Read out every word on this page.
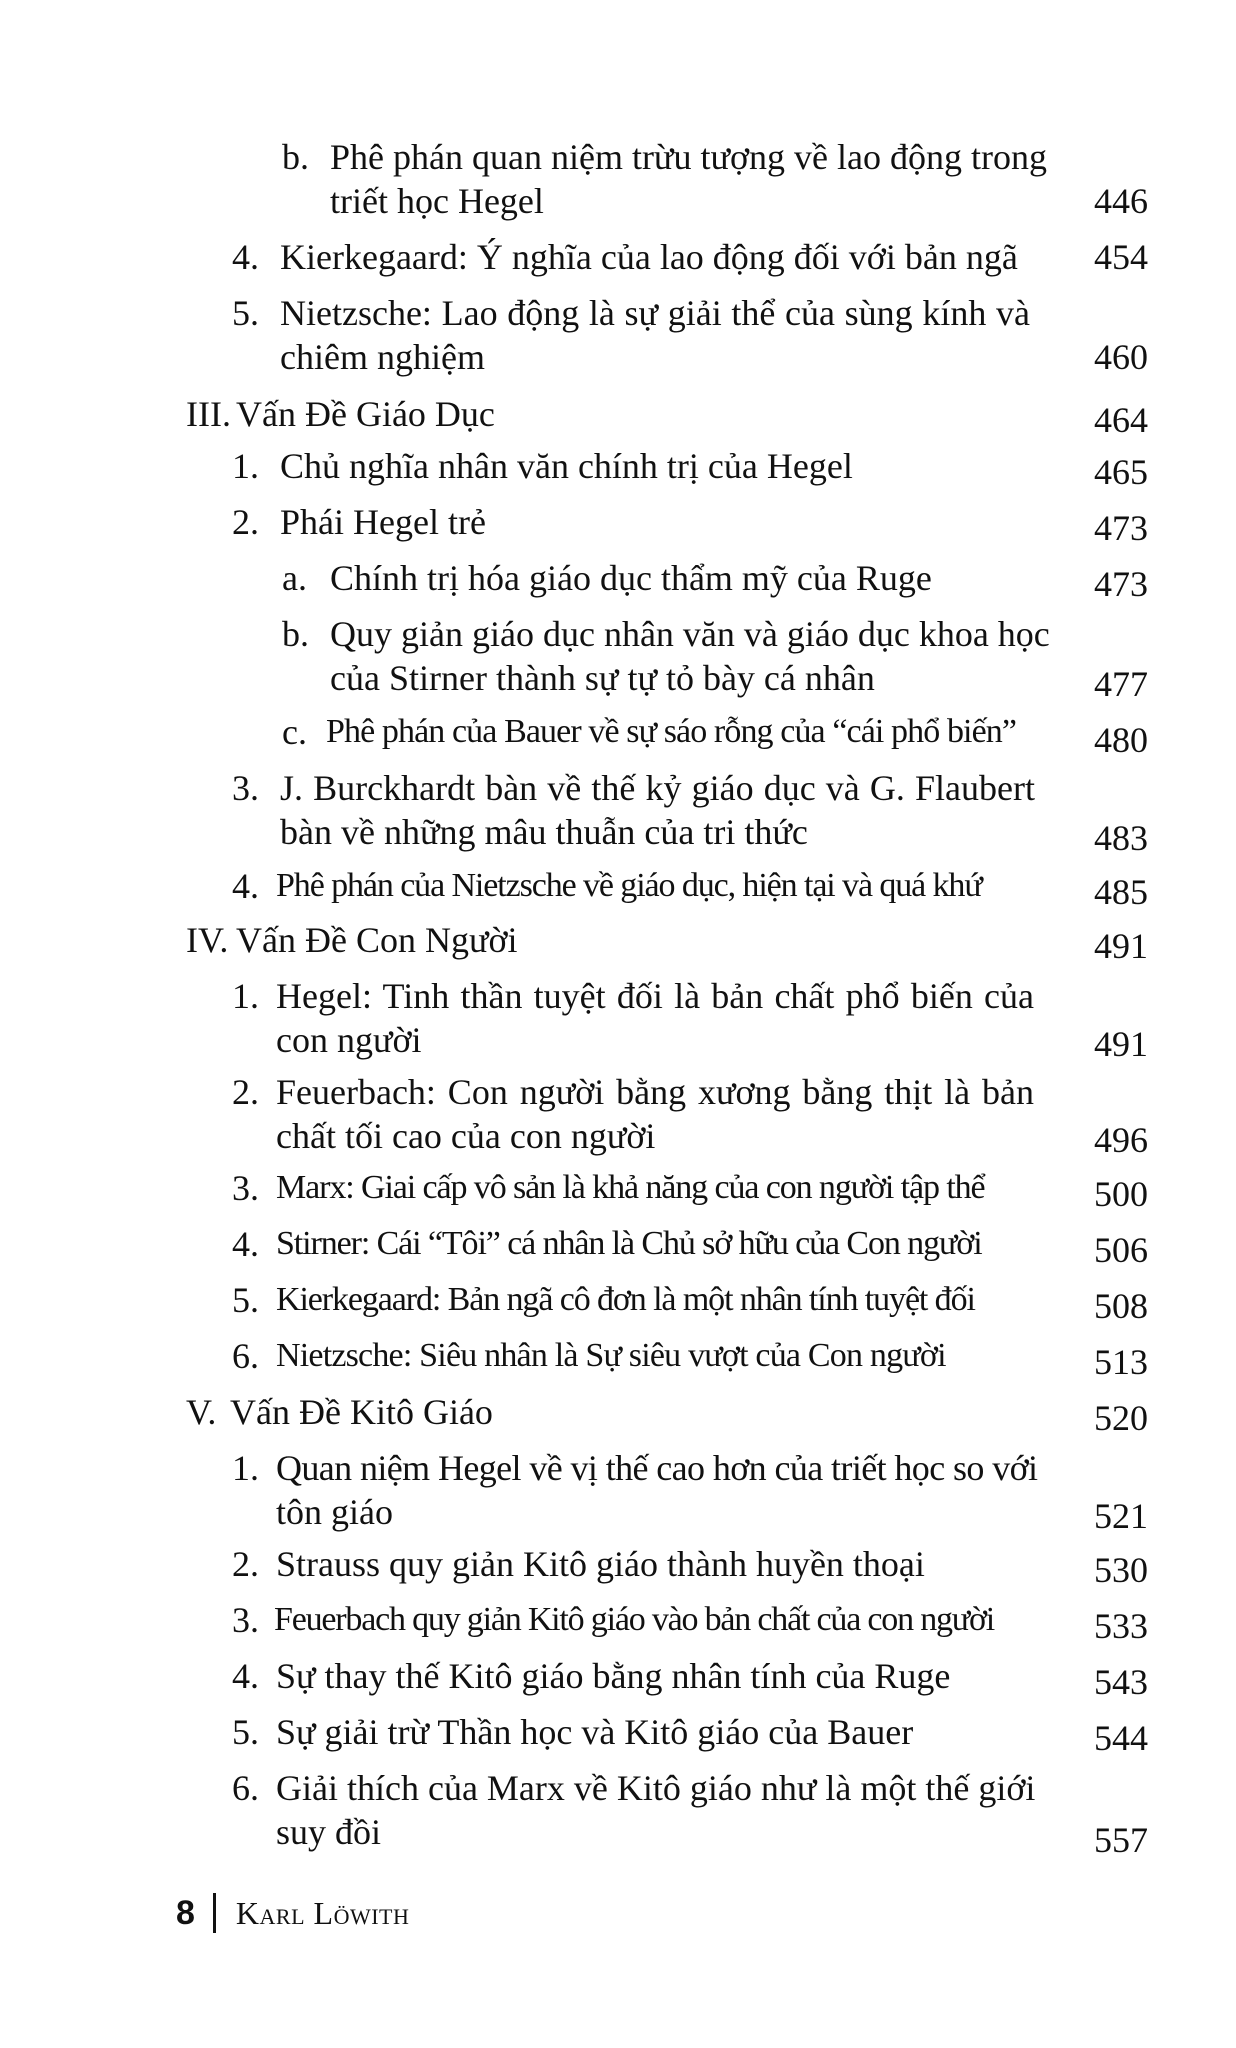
b. Phê phán quan niệm trừu tượng về lao động trong
triết học Hegel	446
4. Kierkegaard: Ý nghĩa của lao động đối với bản ngã	454
5. Nietzsche: Lao động là sự giải thể của sùng kính và
chiêm nghiệm	460
III. Vấn Đề Giáo Dục	464
1. Chủ nghĩa nhân văn chính trị của Hegel	465
2. Phái Hegel trẻ	473
a. Chính trị hóa giáo dục thẩm mỹ của Ruge	473
b. Quy giản giáo dục nhân văn và giáo dục khoa học
của Stirner thành sự tự tỏ bày cá nhân	477
c. Phê phán của Bauer về sự sáo rỗng của “cái phổ biến”	480
3. J. Burckhardt bàn về thế kỷ giáo dục và G. Flaubert
bàn về những mâu thuẫn của tri thức	483
4. Phê phán của Nietzsche về giáo dục, hiện tại và quá khứ	485
IV. Vấn Đề Con Người	491
1. Hegel: Tinh thần tuyệt đối là bản chất phổ biến của
con người	491
2. Feuerbach: Con người bằng xương bằng thịt là bản
chất tối cao của con người	496
3. Marx: Giai cấp vô sản là khả năng của con người tập thể	500
4. Stirner: Cái “Tôi” cá nhân là Chủ sở hữu của Con người	506
5. Kierkegaard: Bản ngã cô đơn là một nhân tính tuyệt đối	508
6. Nietzsche: Siêu nhân là Sự siêu vượt của Con người	513
V. Vấn Đề Kitô Giáo	520
1. Quan niệm Hegel về vị thế cao hơn của triết học so với
tôn giáo	521
2. Strauss quy giản Kitô giáo thành huyền thoại	530
3. Feuerbach quy giản Kitô giáo vào bản chất của con người	533
4. Sự thay thế Kitô giáo bằng nhân tính của Ruge	543
5. Sự giải trừ Thần học và Kitô giáo của Bauer	544
6. Giải thích của Marx về Kitô giáo như là một thế giới
suy đồi	557
8 Karl Löwith
